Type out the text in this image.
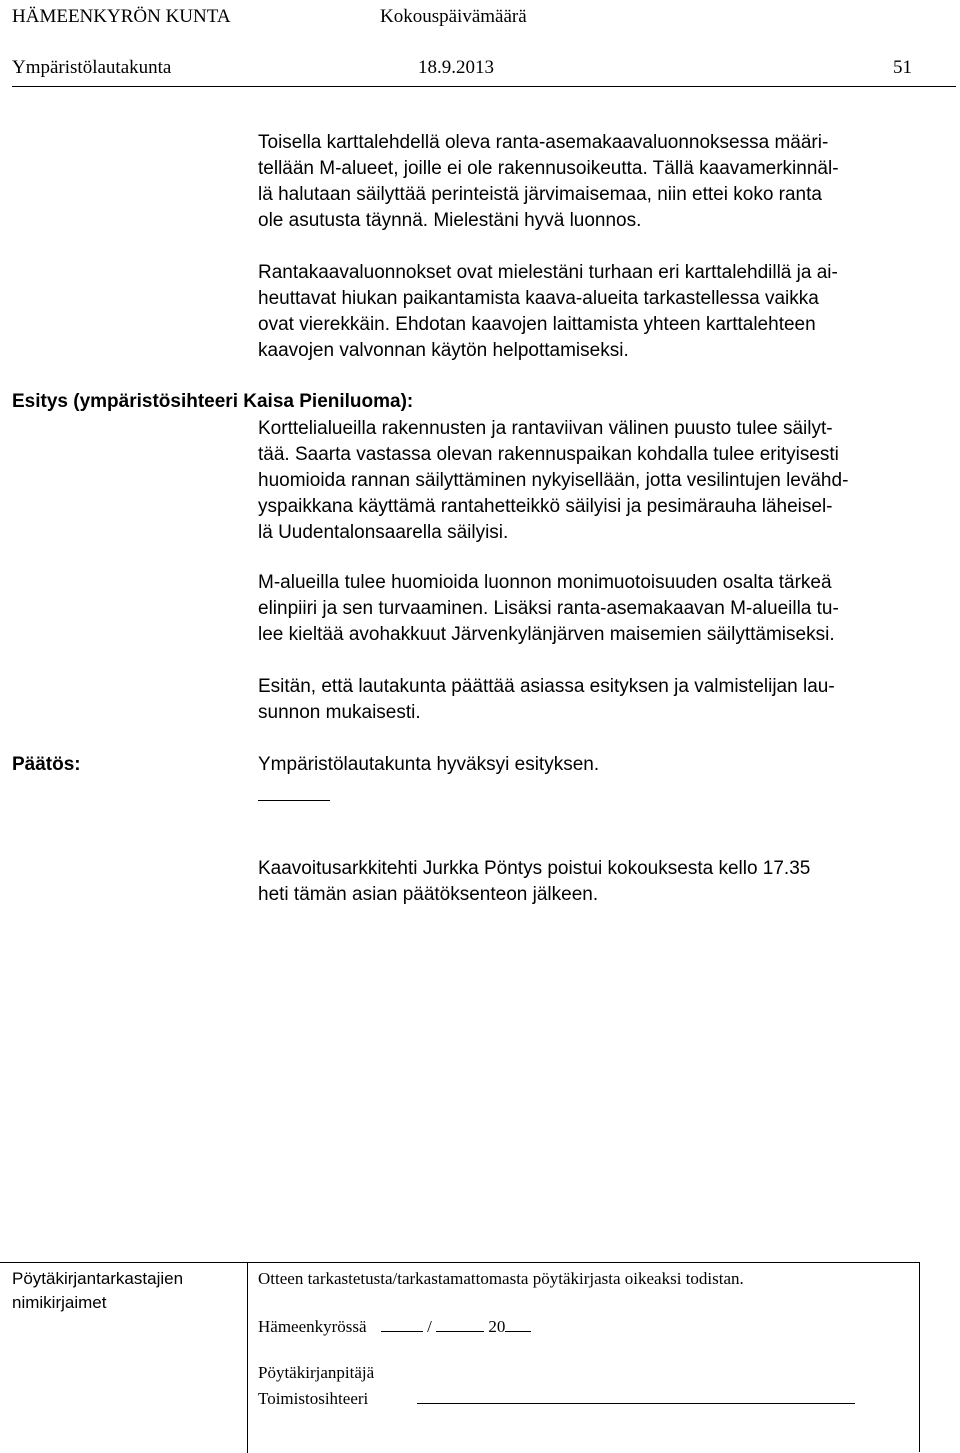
HÄMEENKYRÖN KUNTA	Kokouspäivämäärä
Ympäristölautakunta	18.9.2013	51
Toisella karttalehdellä oleva ranta-asemakaavaluonnoksessa määri-
tellään M-alueet, joille ei ole rakennusoikeutta. Tällä kaavamerkinnäl-
lä halutaan säilyttää perinteistä järvimaisemaa, niin ettei koko ranta
ole asutusta täynnä. Mielestäni hyvä luonnos.
Rantakaavaluonnokset ovat mielestäni turhaan eri karttalehdillä ja ai-
heuttavat hiukan paikantamista kaava-alueita tarkastellessa vaikka
ovat vierekkäin. Ehdotan kaavojen laittamista yhteen karttalehteen
kaavojen valvonnan käytön helpottamiseksi.
Esitys (ympäristösihteeri Kaisa Pieniluoma):
Korttelialueilla rakennusten ja rantaviivan välinen puusto tulee säilyt-
tää. Saarta vastassa olevan rakennuspaikan kohdalla tulee erityisesti
huomioida rannan säilyttäminen nykyisellään, jotta vesilintujen levähd-
yspaikkana käyttämä rantahetteikkö säilyisi ja pesimärauha läheisel-
lä Uudentalonsaarella säilyisi.
M-alueilla tulee huomioida luonnon monimuotoisuuden osalta tärkeä
elinpiiri ja sen turvaaminen. Lisäksi ranta-asemakaavan M-alueilla tu-
lee kieltää avohakkuut Järvenkylänjärven maisemien säilyttämiseksi.
Esitän, että lautakunta päättää asiassa esityksen ja valmistelijan lau-
sunnon mukaisesti.
Päätös:	Ympäristölautakunta hyväksyi esityksen.
Kaavoitusarkkitehti Jurkka Pöntys poistui kokouksesta kello 17.35
heti tämän asian päätöksenteon jälkeen.
Pöytäkirjantarkastajien
nimikirjaimet
Otteen tarkastetusta/tarkastamattomasta pöytäkirjasta oikeaksi todistan.
Hämeenkyrössä	/	20
Pöytäkirjanpitäjä
Toimistosihteeri
